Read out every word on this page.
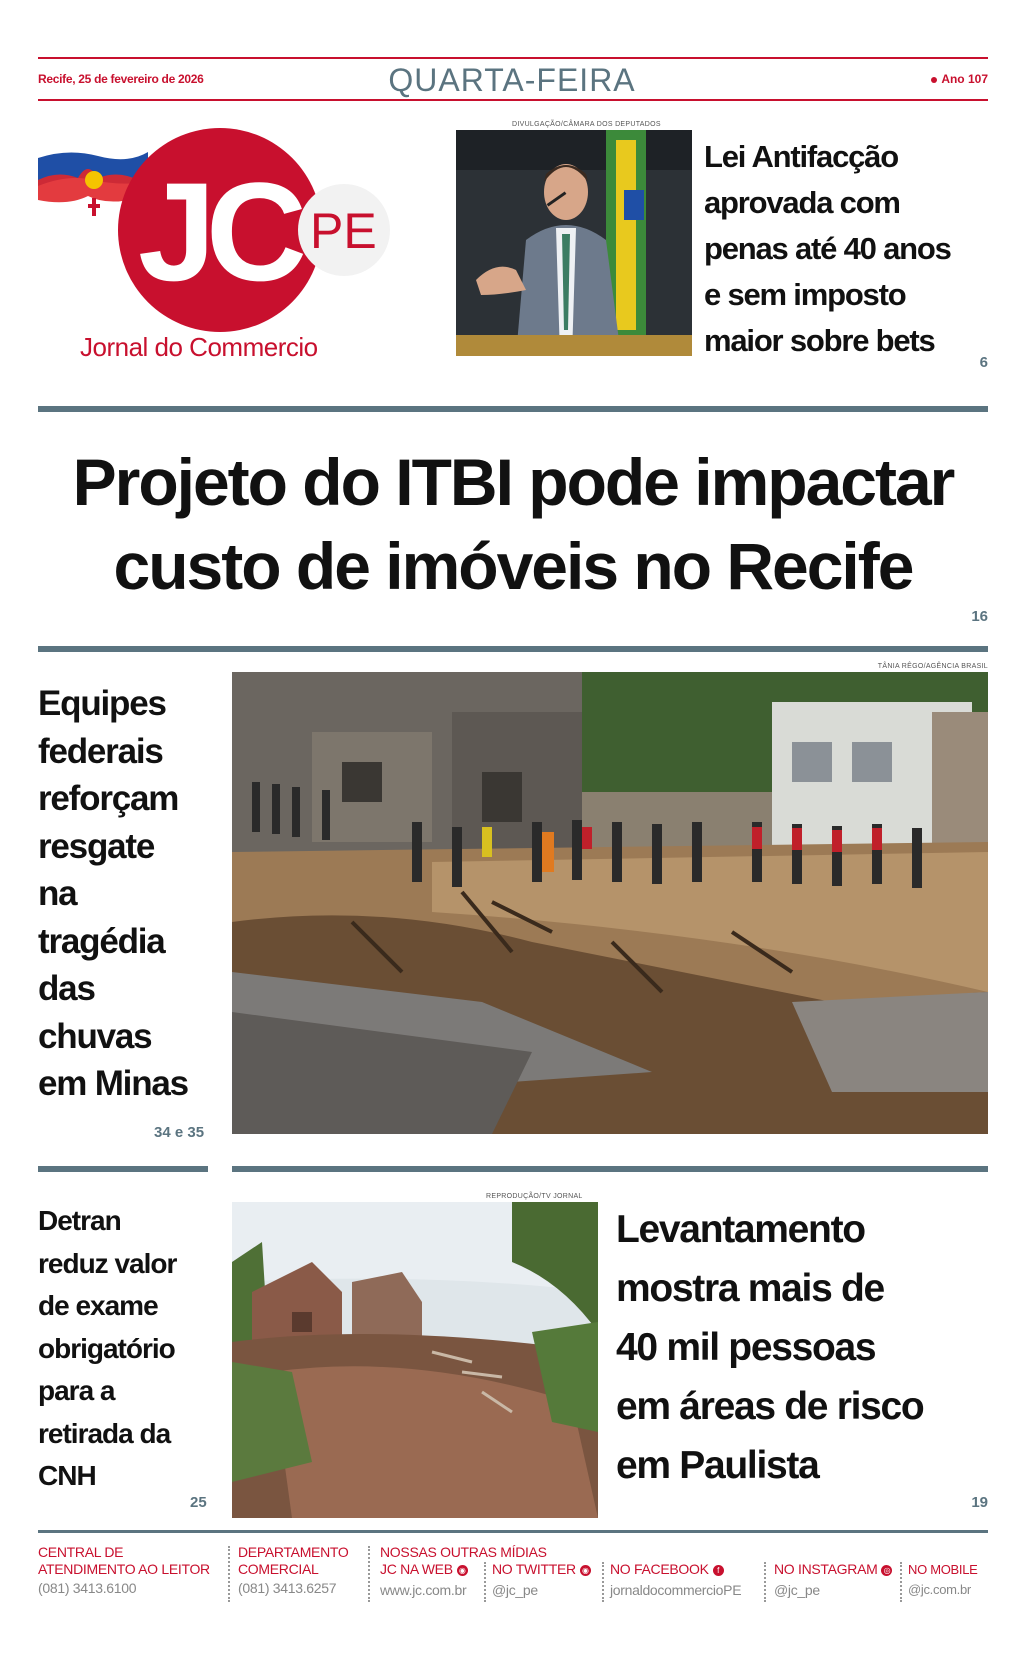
Recife, 25 de fevereiro de 2026	QUARTA-FEIRA	Ano 107
JC PE
Jornal do Commercio
DIVULGAÇÃO/CÂMARA DOS DEPUTADOS
Lei Antifacção
aprovada com
penas até 40 anos
e sem imposto
maior sobre bets
6
Projeto do ITBI pode impactar
custo de imóveis no Recife
16
Equipes
federais
reforçam
resgate
na
tragédia
das
chuvas
em Minas
34 e 35
TÂNIA RÊGO/AGÊNCIA BRASIL
Detran
reduz valor
de exame
obrigatório
para a
retirada da
CNH
25
REPRODUÇÃO/TV JORNAL
Levantamento
mostra mais de
40 mil pessoas
em áreas de risco
em Paulista
19
CENTRAL DE
ATENDIMENTO AO LEITOR
(081) 3413.6100
DEPARTAMENTO
COMERCIAL
(081) 3413.6257
NOSSAS OUTRAS MÍDIAS
JC NA WEB ◉
www.jc.com.br
NO TWITTER ◉
@jc_pe
NO FACEBOOK f
jornaldocommercioPE
NO INSTAGRAM ◎
@jc_pe
NO MOBILE
@jc.com.br
